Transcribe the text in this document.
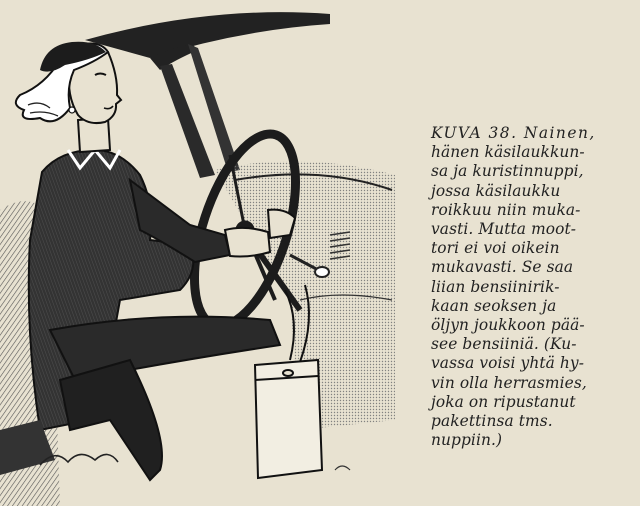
KUVA 38. Nainen,
hänen käsilaukkun-
sa ja kuristinnuppi,
jossa käsilaukku
roikkuu niin muka-
vasti. Mutta moot-
tori ei voi oikein
mukavasti. Se saa
liian bensiinirik-
kaan seoksen ja
öljyn joukkoon pää-
see bensiiniä. (Ku-
vassa voisi yhtä hy-
vin olla herrasmies,
joka on ripustanut
pakettinsa tms.
nuppiin.)
